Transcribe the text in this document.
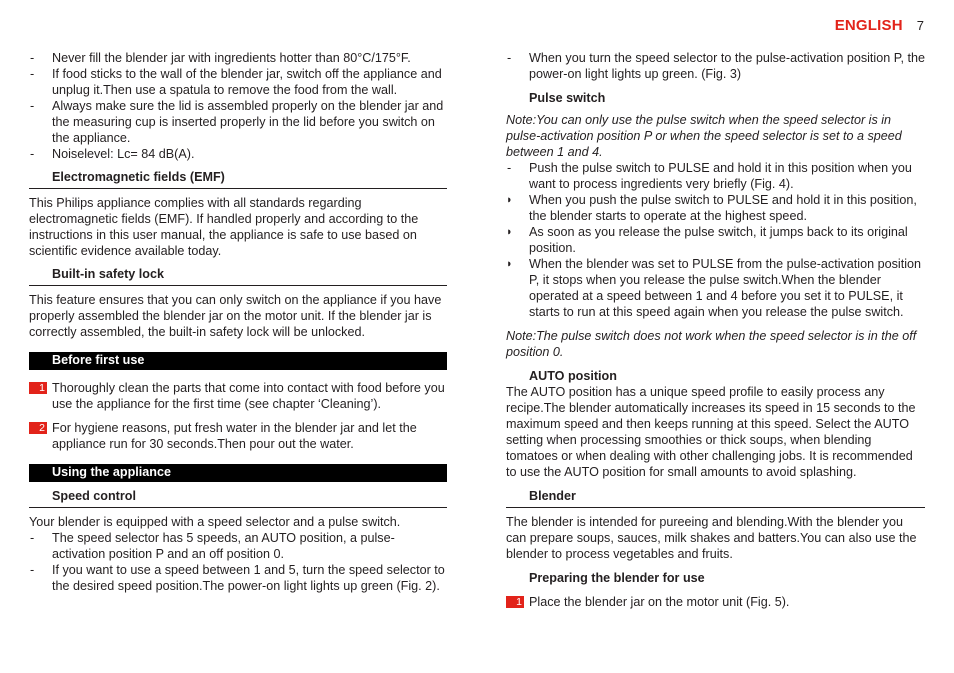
ENGLISH 7
- Never fill the blender jar with ingredients hotter than 80°C/175°F.
- If food sticks to the wall of the blender jar, switch off the appliance and unplug it.Then use a spatula to remove the food from the wall.
- Always make sure the lid is assembled properly on the blender jar and the measuring cup is inserted properly in the lid before you switch on the appliance.
- Noiselevel: Lc= 84 dB(A).
Electromagnetic fields (EMF)

This Philips appliance complies with all standards regarding electromagnetic fields (EMF). If handled properly and according to the instructions in this user manual, the appliance is safe to use based on scientific evidence available today.

Built-in safety lock

This feature ensures that you can only switch on the appliance if you have properly assembled the blender jar on the motor unit. If the blender jar is correctly assembled, the built-in safety lock will be unlocked.

Before first use
1 Thoroughly clean the parts that come into contact with food before you use the appliance for the first time (see chapter ‘Cleaning’).
2 For hygiene reasons, put fresh water in the blender jar and let the appliance run for 30 seconds.Then pour out the water.
Using the appliance
Speed control

Your blender is equipped with a speed selector and a pulse switch.

- The speed selector has 5 speeds, an AUTO position, a pulse-activation position P and an off position 0.
- If you want to use a speed between 1 and 5, turn the speed selector to the desired speed position.The power-on light lights up green (Fig. 2).
- When you turn the speed selector to the pulse-activation position P, the power-on light lights up green. (Fig. 3)
Pulse switch

Note:You can only use the pulse switch when the speed selector is in pulse-activation position P or when the speed selector is set to a speed between 1 and 4.

- Push the pulse switch to PULSE and hold it in this position when you want to process ingredients very briefly (Fig. 4).
◗ When you push the pulse switch to PULSE and hold it in this position, the blender starts to operate at the highest speed.
◗ As soon as you release the pulse switch, it jumps back to its original position.
◗ When the blender was set to PULSE from the pulse-activation position P, it stops when you release the pulse switch.When the blender operated at a speed between 1 and 4 before you set it to PULSE, it starts to run at this speed again when you release the pulse switch.

Note:The pulse switch does not work when the speed selector is in the off position 0.

AUTO position

The AUTO position has a unique speed profile to easily process any recipe.The blender automatically increases its speed in 15 seconds to the maximum speed and then keeps running at this speed. Select the AUTO setting when processing smoothies or thick soups, when blending tomatoes or when dealing with other challenging jobs. It is recommended to use the AUTO position for small amounts to avoid splashing.

Blender

The blender is intended for pureeing and blending.With the blender you can prepare soups, sauces, milk shakes and batters.You can also use the blender to process vegetables and fruits.

Preparing the blender for use
1 Place the blender jar on the motor unit (Fig. 5).
